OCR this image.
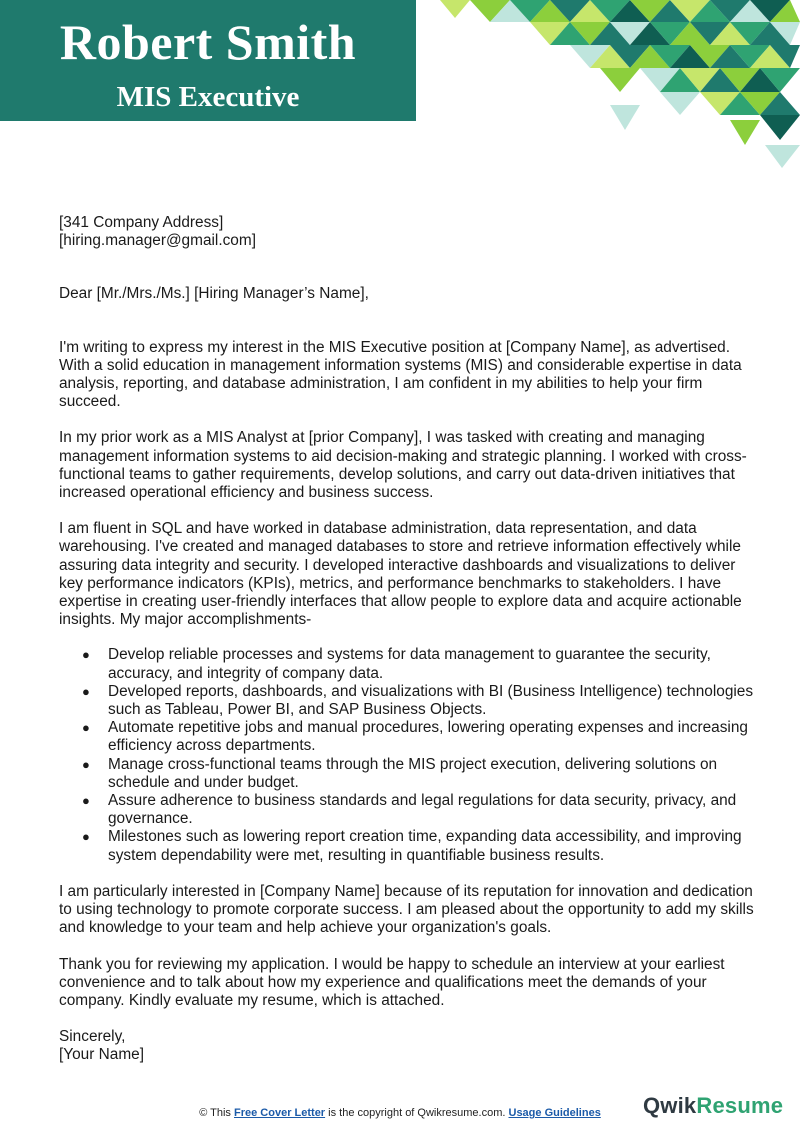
Robert Smith
MIS Executive

[341 Company Address]

[hiring.manager@gmail.com]

Dear [Mr./Mrs./Ms.] [Hiring Manager’s Name],

I'm writing to express my interest in the MIS Executive position at [Company Name], as advertised. With a solid education in management information systems (MIS) and considerable expertise in data analysis, reporting, and database administration, I am confident in my abilities to help your firm succeed.

In my prior work as a MIS Analyst at [prior Company], I was tasked with creating and managing management information systems to aid decision-making and strategic planning. I worked with cross-functional teams to gather requirements, develop solutions, and carry out data-driven initiatives that increased operational efficiency and business success.

I am fluent in SQL and have worked in database administration, data representation, and data warehousing. I've created and managed databases to store and retrieve information effectively while assuring data integrity and security. I developed interactive dashboards and visualizations to deliver key performance indicators (KPIs), metrics, and performance benchmarks to stakeholders. I have expertise in creating user-friendly interfaces that allow people to explore data and acquire actionable insights. My major accomplishments-

● Develop reliable processes and systems for data management to guarantee the security, accuracy, and integrity of company data.
● Developed reports, dashboards, and visualizations with BI (Business Intelligence) technologies such as Tableau, Power BI, and SAP Business Objects.
● Automate repetitive jobs and manual procedures, lowering operating expenses and increasing efficiency across departments.
● Manage cross-functional teams through the MIS project execution, delivering solutions on schedule and under budget.
● Assure adherence to business standards and legal regulations for data security, privacy, and governance.
● Milestones such as lowering report creation time, expanding data accessibility, and improving system dependability were met, resulting in quantifiable business results.

I am particularly interested in [Company Name] because of its reputation for innovation and dedication to using technology to promote corporate success. I am pleased about the opportunity to add my skills and knowledge to your team and help achieve your organization's goals.

Thank you for reviewing my application. I would be happy to schedule an interview at your earliest convenience and to talk about how my experience and qualifications meet the demands of your company. Kindly evaluate my resume, which is attached.

Sincerely,

[Your Name]

© This Free Cover Letter is the copyright of Qwikresume.com. Usage Guidelines	QwikResume
